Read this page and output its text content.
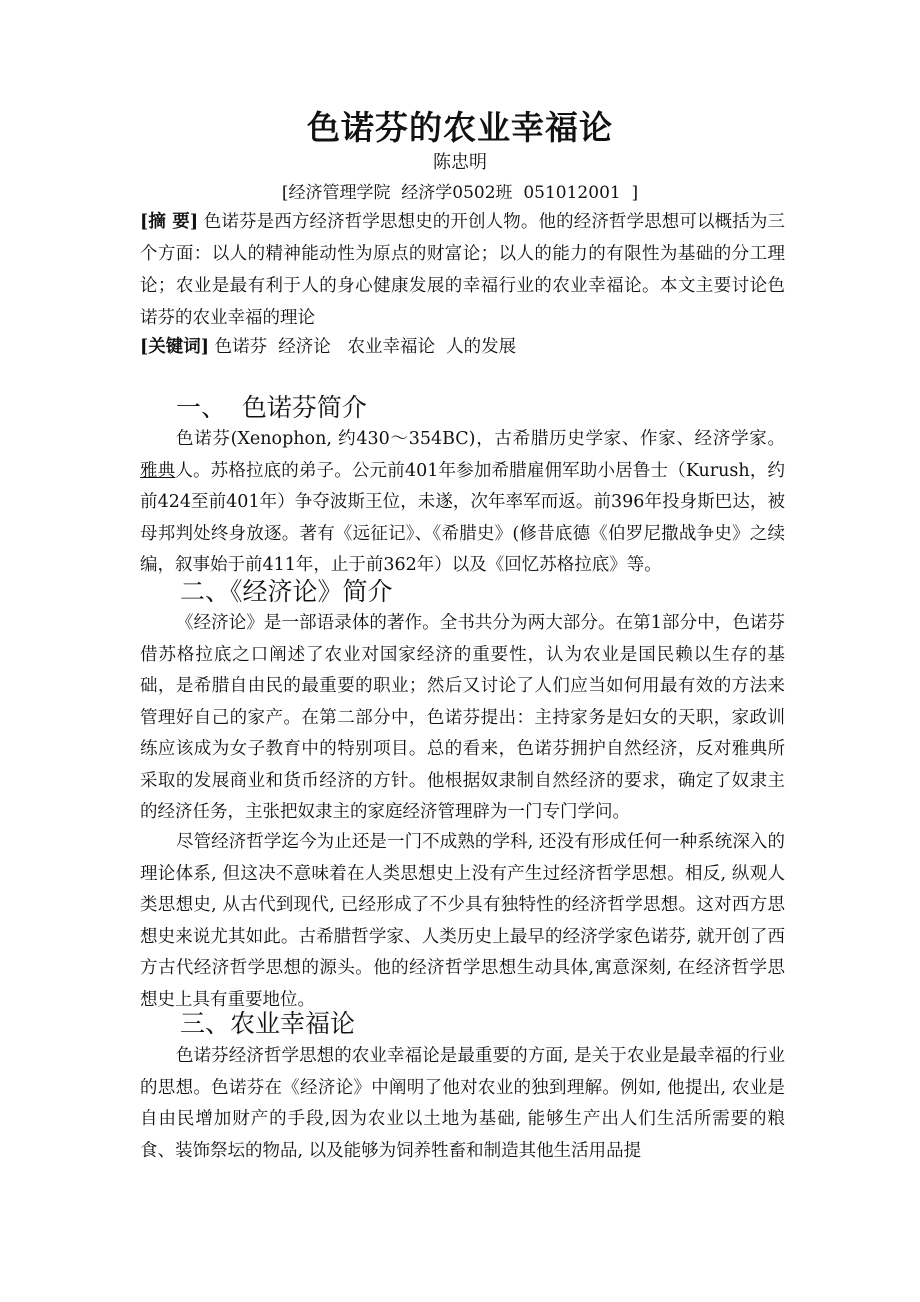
色诺芬的农业幸福论
陈忠明
[经济管理学院  经济学0502班  051012001  ]
[摘 要] 色诺芬是西方经济哲学思想史的开创人物。他的经济哲学思想可以概括为三个方面：以人的精神能动性为原点的财富论；以人的能力的有限性为基础的分工理论；农业是最有利于人的身心健康发展的幸福行业的农业幸福论。本文主要讨论色诺芬的农业幸福的理论
[关键词] 色诺芬  经济论   农业幸福论  人的发展
一、  色诺芬简介

色诺芬(Xenophon, 约430～354BC)，古希腊历史学家、作家、经济学家。雅典人。苏格拉底的弟子。公元前401年参加希腊雇佣军助小居鲁士（Kurush，约前424至前401年）争夺波斯王位，未遂，次年率军而返。前396年投身斯巴达，被母邦判处终身放逐。著有《远征记》、《希腊史》(修昔底德《伯罗尼撒战争史》之续编，叙事始于前411年，止于前362年）以及《回忆苏格拉底》等。

二、《经济论》简介

《经济论》是一部语录体的著作。全书共分为两大部分。在第1部分中，色诺芬借苏格拉底之口阐述了农业对国家经济的重要性，认为农业是国民赖以生存的基础，是希腊自由民的最重要的职业；然后又讨论了人们应当如何用最有效的方法来管理好自己的家产。在第二部分中，色诺芬提出：主持家务是妇女的天职，家政训练应该成为女子教育中的特别项目。总的看来，色诺芬拥护自然经济，反对雅典所采取的发展商业和货币经济的方针。他根据奴隶制自然经济的要求，确定了奴隶主的经济任务，主张把奴隶主的家庭经济管理辟为一门专门学问。

尽管经济哲学迄今为止还是一门不成熟的学科, 还没有形成任何一种系统深入的理论体系, 但这决不意味着在人类思想史上没有产生过经济哲学思想。相反, 纵观人类思想史, 从古代到现代, 已经形成了不少具有独特性的经济哲学思想。这对西方思想史来说尤其如此。古希腊哲学家、人类历史上最早的经济学家色诺芬, 就开创了西方古代经济哲学思想的源头。他的经济哲学思想生动具体,寓意深刻, 在经济哲学思想史上具有重要地位。

三、农业幸福论

色诺芬经济哲学思想的农业幸福论是最重要的方面, 是关于农业是最幸福的行业的思想。色诺芬在《经济论》中阐明了他对农业的独到理解。例如, 他提出, 农业是自由民增加财产的手段,因为农业以土地为基础, 能够生产出人们生活所需要的粮食、装饰祭坛的物品, 以及能够为饲养牲畜和制造其他生活用品提
